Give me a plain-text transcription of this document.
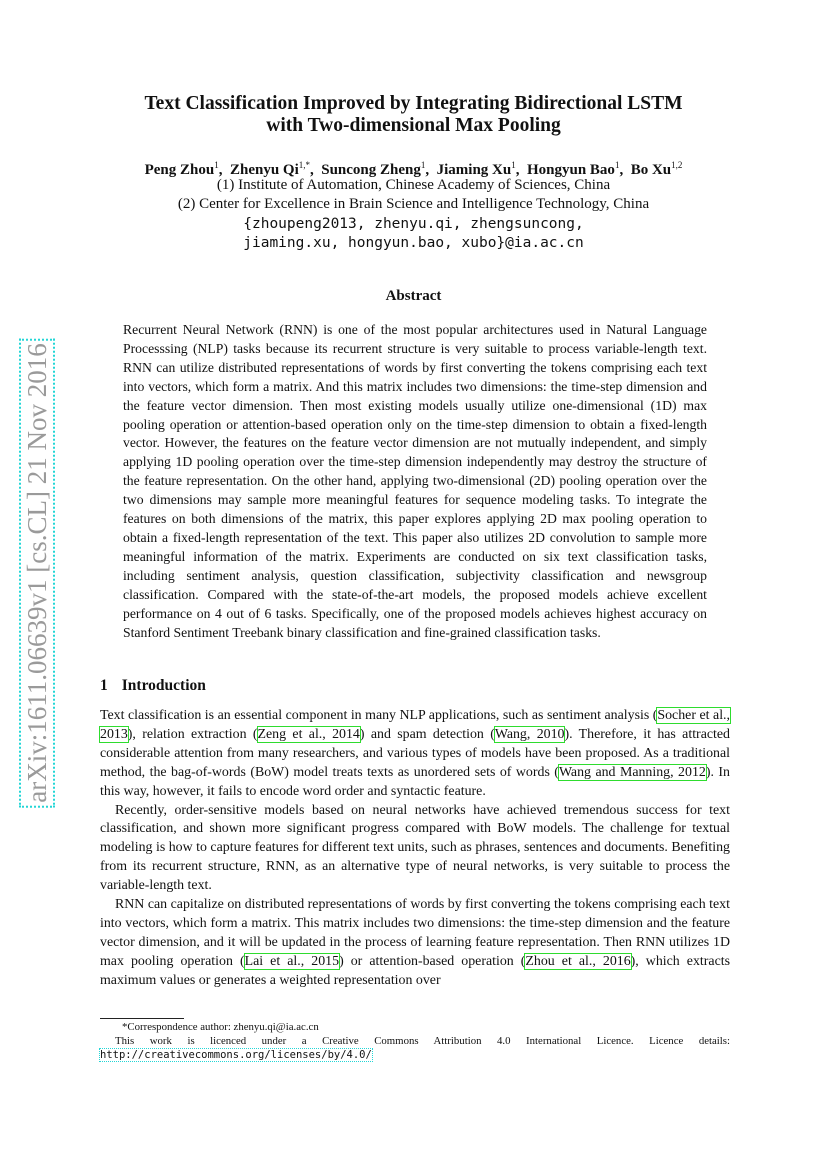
arXiv:1611.06639v1 [cs.CL] 21 Nov 2016
Text Classification Improved by Integrating Bidirectional LSTM
with Two-dimensional Max Pooling
Peng Zhou$^1$,  Zhenyu $Qi^{1,*}$,  Suncong Zheng$^1$,  Jiaming Xu$^1$,  Hongyun Bao$^1$,  Bo Xu$^{1,2}$
(1) Institute of Automation, Chinese Academy of Sciences, China
(2) Center for Excellence in Brain Science and Intelligence Technology, China
{zhoupeng2013, zhenyu.qi, zhengsuncong,
jiaming.xu, hongyun.bao, xubo}@ia.ac.cn
Abstract

Recurrent Neural Network (RNN) is one of the most popular architectures used in Natural Language Processsing (NLP) tasks because its recurrent structure is very suitable to process variable-length text. RNN can utilize distributed representations of words by first converting the tokens comprising each text into vectors, which form a matrix. And this matrix includes two dimensions: the time-step dimension and the feature vector dimension. Then most existing models usually utilize one-dimensional (1D) max pooling operation or attention-based operation only on the time-step dimension to obtain a fixed-length vector. However, the features on the feature vector dimension are not mutually independent, and simply applying 1D pooling operation over the time-step dimension independently may destroy the structure of the feature representation. On the other hand, applying two-dimensional (2D) pooling operation over the two dimensions may sample more meaningful features for sequence modeling tasks. To integrate the features on both dimensions of the matrix, this paper explores applying 2D max pooling operation to obtain a fixed-length representation of the text. This paper also utilizes 2D convolution to sample more meaningful information of the matrix. Experiments are conducted on six text classification tasks, including sentiment analysis, question classification, subjectivity classification and newsgroup classification. Compared with the state-of-the-art models, the proposed models achieve excellent performance on 4 out of 6 tasks. Specifically, one of the proposed models achieves highest accuracy on Stanford Sentiment Treebank binary classification and fine-grained classification tasks.

1 Introduction

Text classification is an essential component in many NLP applications, such as sentiment analysis (Socher et al., 2013), relation extraction (Zeng et al., 2014) and spam detection (Wang, 2010). Therefore, it has attracted considerable attention from many researchers, and various types of models have been proposed. As a traditional method, the bag-of-words (BoW) model treats texts as unordered sets of words (Wang and Manning, 2012). In this way, however, it fails to encode word order and syntactic feature.

Recently, order-sensitive models based on neural networks have achieved tremendous success for text classification, and shown more significant progress compared with BoW models. The challenge for textual modeling is how to capture features for different text units, such as phrases, sentences and documents. Benefiting from its recurrent structure, RNN, as an alternative type of neural networks, is very suitable to process the variable-length text.

RNN can capitalize on distributed representations of words by first converting the tokens comprising each text into vectors, which form a matrix. This matrix includes two dimensions: the time-step dimension and the feature vector dimension, and it will be updated in the process of learning feature representation. Then RNN utilizes 1D max pooling operation (Lai et al., 2015) or attention-based operation (Zhou et al., 2016), which extracts maximum values or generates a weighted representation over

*Correspondence author: zhenyu.qi@ia.ac.cn
This work is licenced under a Creative Commons Attribution 4.0 International Licence. Licence details: http://creativecommons.org/licenses/by/4.0/
